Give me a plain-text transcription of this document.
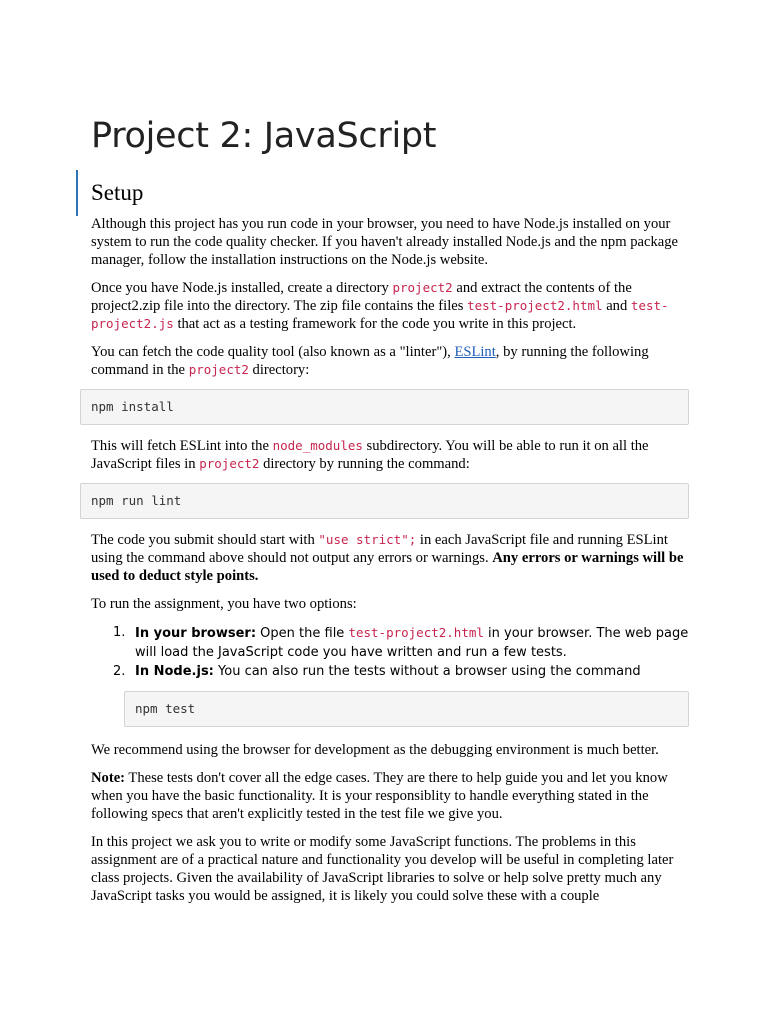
Project 2: JavaScript
Setup

Although this project has you run code in your browser, you need to have Node.js installed on your system to run the code quality checker. If you haven't already installed Node.js and the npm package manager, follow the installation instructions on the Node.js website.

Once you have Node.js installed, create a directory project2 and extract the contents of the project2.zip file into the directory. The zip file contains the files test-project2.html and test-project2.js that act as a testing framework for the code you write in this project.

You can fetch the code quality tool (also known as a "linter"), ESLint, by running the following command in the project2 directory:

npm install

This will fetch ESLint into the node_modules subdirectory. You will be able to run it on all the JavaScript files in project2 directory by running the command:

npm run lint

The code you submit should start with "use strict"; in each JavaScript file and running ESLint using the command above should not output any errors or warnings. Any errors or warnings will be used to deduct style points.

To run the assignment, you have two options:

1. In your browser: Open the file test-project2.html in your browser. The web page will load the JavaScript code you have written and run a few tests.
2. In Node.js: You can also run the tests without a browser using the command
npm test

We recommend using the browser for development as the debugging environment is much better.

Note: These tests don't cover all the edge cases. They are there to help guide you and let you know when you have the basic functionality. It is your responsiblity to handle everything stated in the following specs that aren't explicitly tested in the test file we give you.

In this project we ask you to write or modify some JavaScript functions. The problems in this assignment are of a practical nature and functionality you develop will be useful in completing later class projects. Given the availability of JavaScript libraries to solve or help solve pretty much any JavaScript tasks you would be assigned, it is likely you could solve these with a couple
